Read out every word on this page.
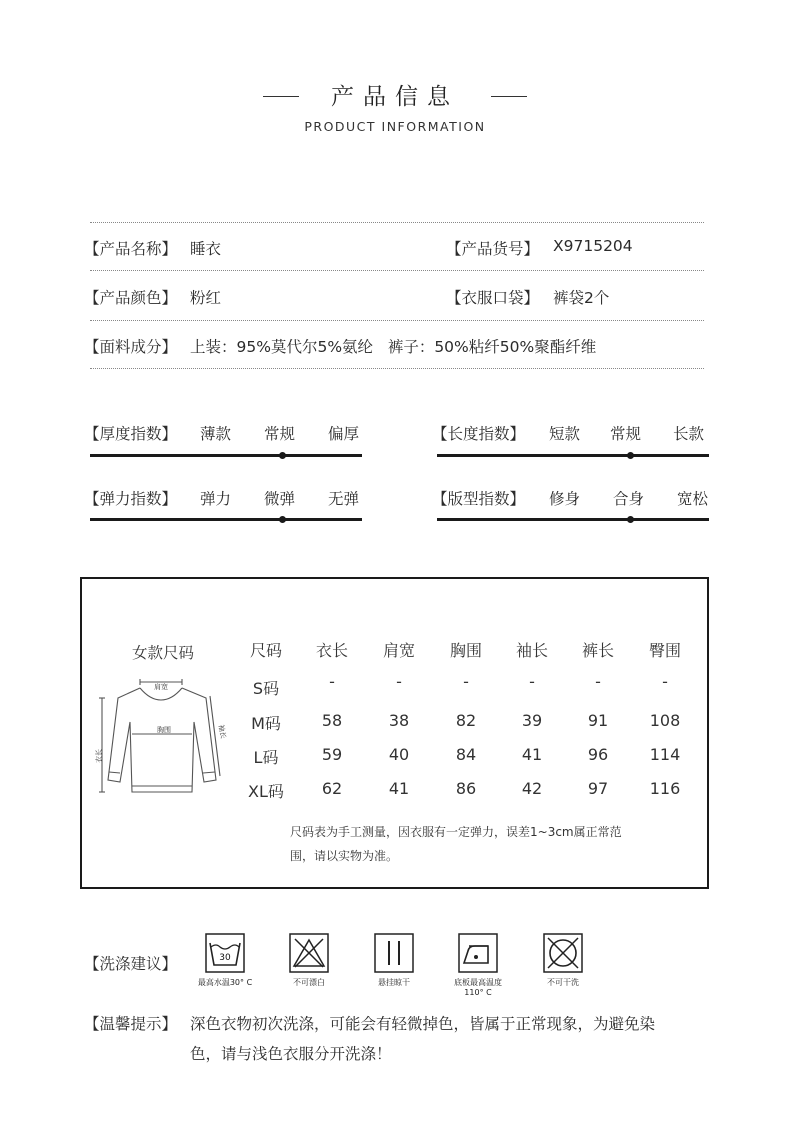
产品信息
PRODUCT INFORMATION
【产品名称】 睡衣	【产品货号】 X9715204
【产品颜色】 粉红	【衣服口袋】 裤袋2个
【面料成分】 上装：95%莫代尔5%氨纶   裤子：50%粘纤50%聚酯纤维
【厚度指数】 薄款 常规 偏厚	【长度指数】 短款 常规 长款
【弹力指数】 弹力 微弹 无弹	【版型指数】 修身 合身 宽松
女款尺码
肩宽
胸围
衣长
袖长
尺码	衣长	肩宽	胸围	袖长	裤长	臀围
S码	-	-	-	-	-	-
M码	58	38	82	39	91	108
L码	59	40	84	41	96	114
XL码	62	41	86	42	97	116
尺码表为手工测量，因衣服有一定弹力，误差1~3cm属正常范
围，请以实物为准。
【洗涤建议】	30
最高水温30° C	不可漂白	悬挂晾干	底板最高温度
110° C
不可干洗
【温馨提示】 深色衣物初次洗涤，可能会有轻微掉色，皆属于正常现象，为避免染
色，请与浅色衣服分开洗涤！
